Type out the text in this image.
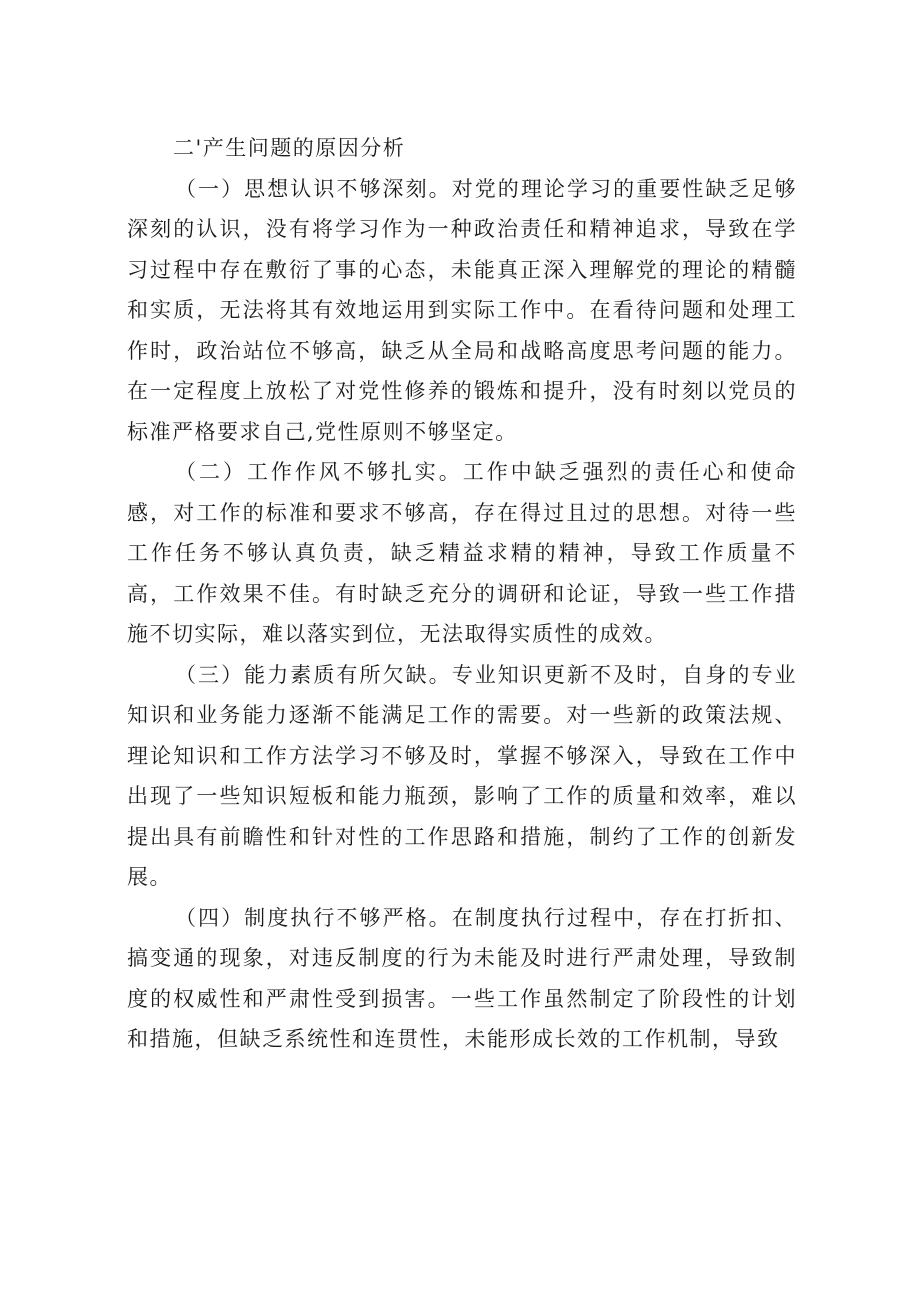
二'产生问题的原因分析

（一）思想认识不够深刻。对党的理论学习的重要性缺乏足够深刻的认识，没有将学习作为一种政治责任和精神追求，导致在学习过程中存在敷衍了事的心态，未能真正深入理解党的理论的精髓和实质，无法将其有效地运用到实际工作中。在看待问题和处理工作时，政治站位不够高，缺乏从全局和战略高度思考问题的能力。在一定程度上放松了对党性修养的锻炼和提升，没有时刻以党员的标准严格要求自己,党性原则不够坚定。

（二）工作作风不够扎实。工作中缺乏强烈的责任心和使命感，对工作的标准和要求不够高，存在得过且过的思想。对待一些工作任务不够认真负责，缺乏精益求精的精神，导致工作质量不高，工作效果不佳。有时缺乏充分的调研和论证，导致一些工作措施不切实际，难以落实到位，无法取得实质性的成效。

（三）能力素质有所欠缺。专业知识更新不及时，自身的专业知识和业务能力逐渐不能满足工作的需要。对一些新的政策法规、理论知识和工作方法学习不够及时，掌握不够深入，导致在工作中出现了一些知识短板和能力瓶颈，影响了工作的质量和效率，难以提出具有前瞻性和针对性的工作思路和措施，制约了工作的创新发展。

（四）制度执行不够严格。在制度执行过程中，存在打折扣、搞变通的现象，对违反制度的行为未能及时进行严肃处理，导致制度的权威性和严肃性受到损害。一些工作虽然制定了阶段性的计划和措施，但缺乏系统性和连贯性，未能形成长效的工作机制，导致
